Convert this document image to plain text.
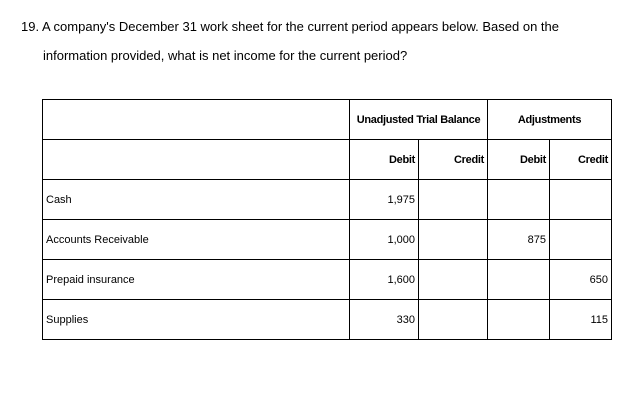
19. A company's December 31 work sheet for the current period appears below. Based on the
information provided, what is net income for the current period?
	Unadjusted Trial Balance		Adjustments	
	Debit	Credit	Debit	Credit
Cash	1,975			
Accounts Receivable	1,000		875	
Prepaid insurance	1,600			650
Supplies	330			115
